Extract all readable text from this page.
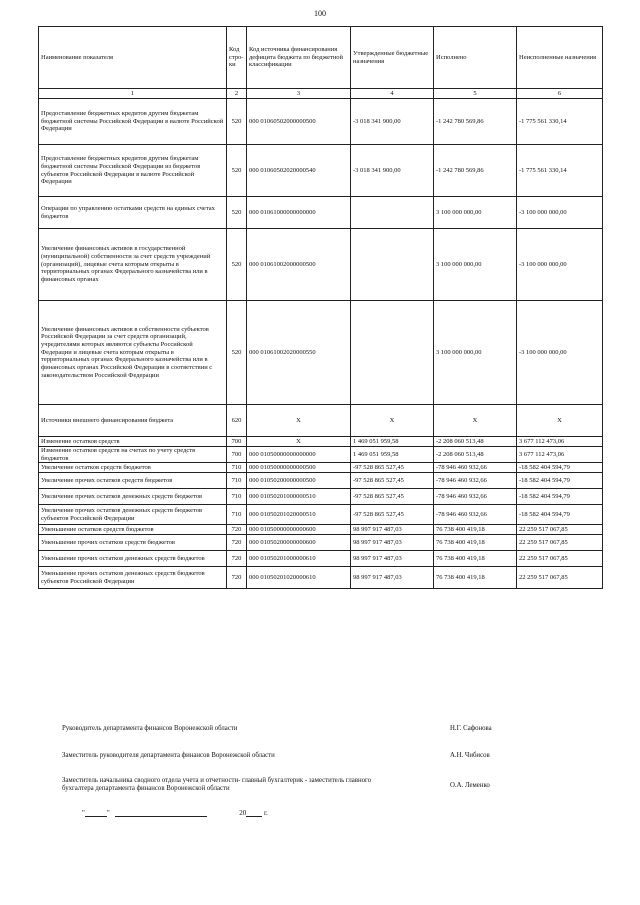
100
Наименование показателя	Код стро-ки	Код источника финансирования дефицита бюджета по бюджетной классификации	Утвержденные бюджетные назначения	Исполнено	Неисполненные назначения
1	2	3	4	5	6
Предоставление бюджетных кредитов другим бюджетам бюджетной системы Российской Федерации в валюте Российской Федерации	520	000 01060502000000500	-3 018 341 900,00	-1 242 780 569,86	-1 775 561 330,14
Предоставление бюджетных кредитов другим бюджетам бюджетной системы Российской Федерации из бюджетов субъектов Российской Федерации в валюте Российской Федерации	520	000 01060502020000540	-3 018 341 900,00	-1 242 780 569,86	-1 775 561 330,14
Операции по управлению остатками средств на единых счетах бюджетов	520	000 01061000000000000		3 100 000 000,00	-3 100 000 000,00
Увеличение финансовых активов в государственной (муниципальной) собственности за счет средств учреждений (организаций), лицевые счета которым открыты в территориальных органах Федерального казначейства или в финансовых органах	520	000 01061002000000500		3 100 000 000,00	-3 100 000 000,00
Увеличение финансовых активов в собственности субъектов Российской Федерации за счет средств организаций, учредителями которых являются субъекты Российской Федерации и лицевые счета которым открыты в территориальных органах Федерального казначейства или в финансовых органах Российской Федерации в соответствии с законодательством Российской Федерации	520	000 01061002020000550		3 100 000 000,00	-3 100 000 000,00
Источники внешнего финансирования бюджета	620	X	X	X	X
Изменение остатков средств	700	X	1 469 051 959,58	-2 208 060 513,48	3 677 112 473,06
Изменение остатков средств на счетах по учету средств бюджетов	700	000 01050000000000000	1 469 051 959,58	-2 208 060 513,48	3 677 112 473,06
Увеличение остатков средств бюджетов	710	000 01050000000000500	-97 528 865 527,45	-78 946 460 932,66	-18 582 404 594,79
Увеличение прочих остатков средств бюджетов	710	000 01050200000000500	-97 528 865 527,45	-78 946 460 932,66	-18 582 404 594,79
Увеличение прочих остатков денежных средств бюджетов	710	000 01050201000000510	-97 528 865 527,45	-78 946 460 932,66	-18 582 404 594,79
Увеличение прочих остатков денежных средств бюджетов субъектов Российской Федерации	710	000 01050201020000510	-97 528 865 527,45	-78 946 460 932,66	-18 582 404 594,79
Уменьшение остатков средств бюджетов	720	000 01050000000000600	98 997 917 487,03	76 738 400 419,18	22 259 517 067,85
Уменьшение прочих остатков средств бюджетов	720	000 01050200000000600	98 997 917 487,03	76 738 400 419,18	22 259 517 067,85
Уменьшение прочих остатков денежных средств бюджетов	720	000 01050201000000610	98 997 917 487,03	76 738 400 419,18	22 259 517 067,85
Уменьшение прочих остатков денежных средств бюджетов субъектов Российской Федерации	720	000 01050201020000610	98 997 917 487,03	76 738 400 419,18	22 259 517 067,85
Руководитель департамента финансов Воронежской области	Н.Г. Сафонова
Заместитель руководителя департамента финансов Воронежской области	А.Н. Чибисов
Заместитель начальника сводного отдела учета и отчетности- главный бухгалтерик - заместитель главного бухгалтера департамента финансов Воронежской области	О.А. Леменко
"	"	20	г.
